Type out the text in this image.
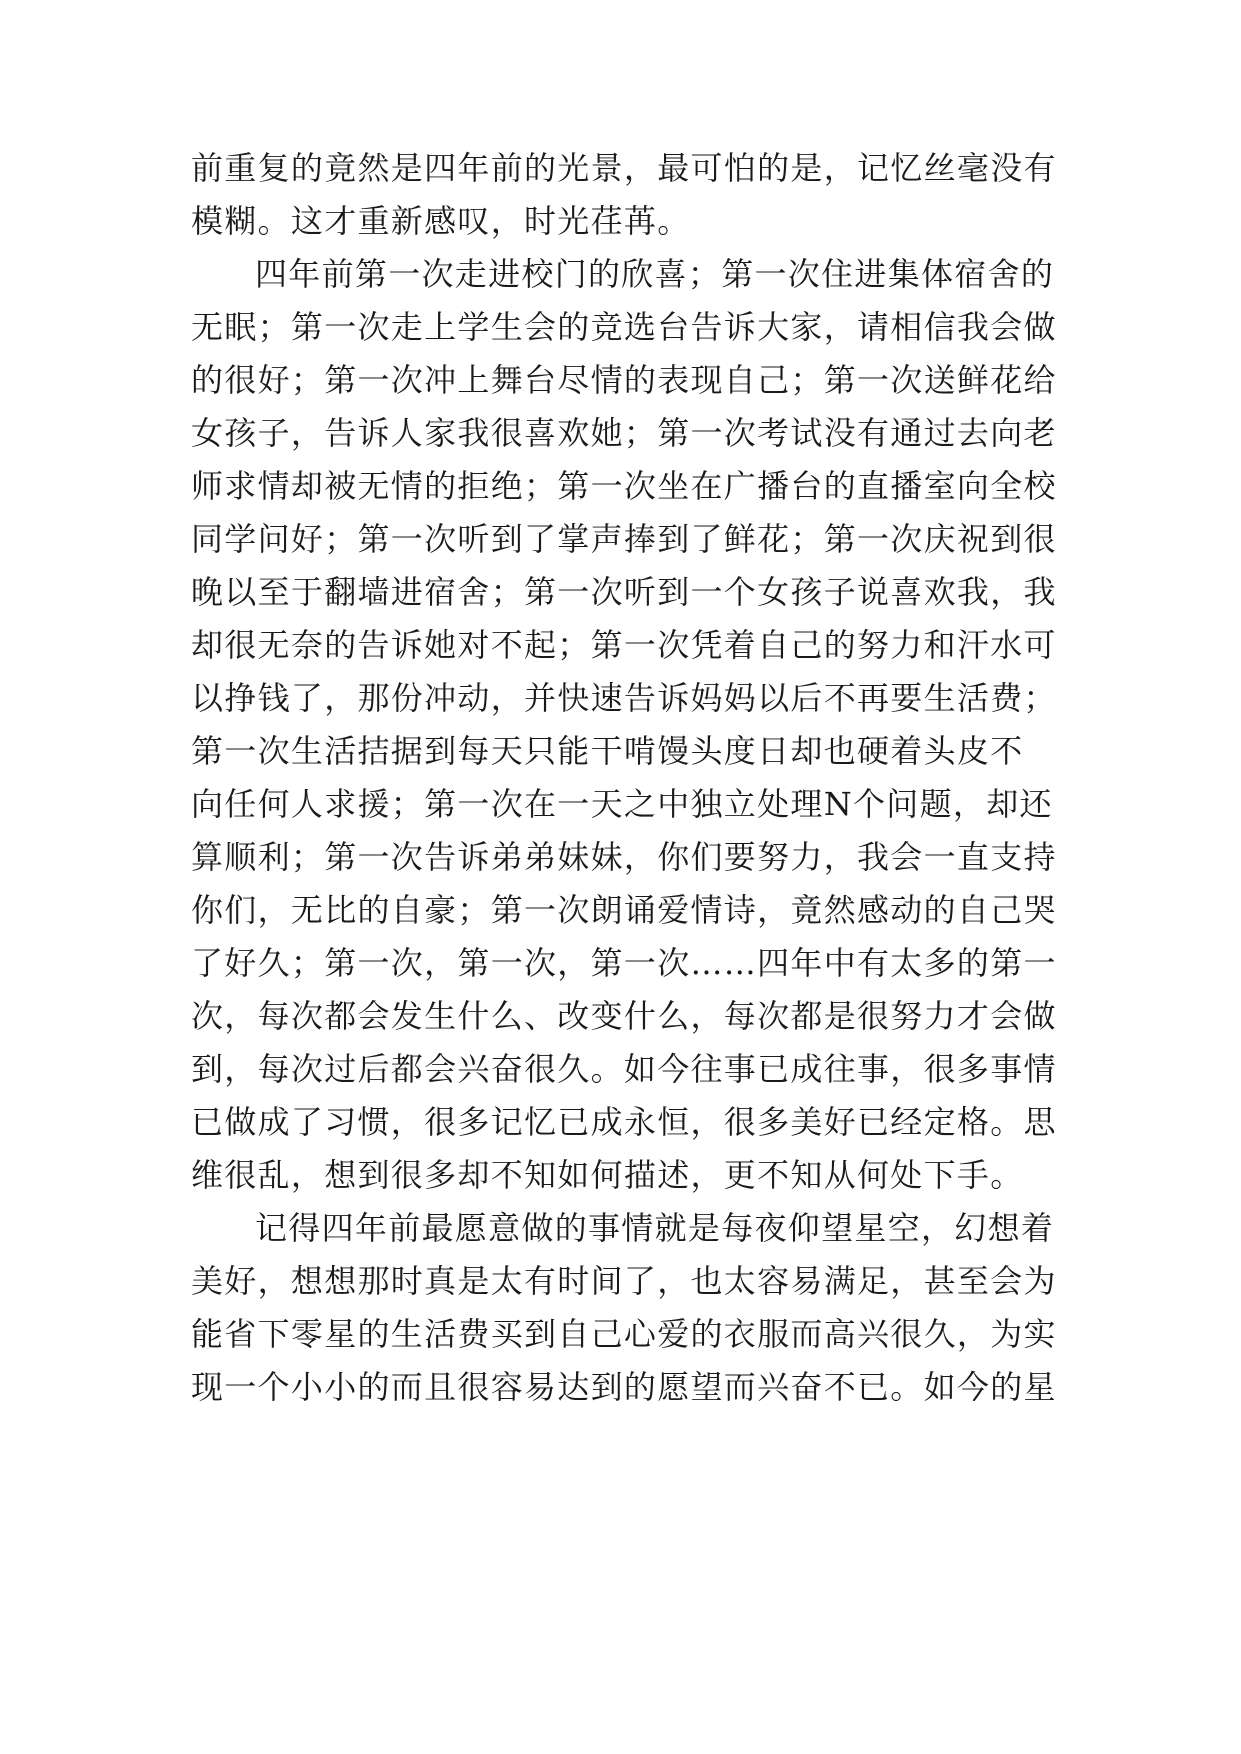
前重复的竟然是四年前的光景，最可怕的是，记忆丝毫没有
模糊。这才重新感叹，时光荏苒。
四年前第一次走进校门的欣喜；第一次住进集体宿舍的
无眠；第一次走上学生会的竞选台告诉大家，请相信我会做
的很好；第一次冲上舞台尽情的表现自己；第一次送鲜花给
女孩子，告诉人家我很喜欢她；第一次考试没有通过去向老
师求情却被无情的拒绝；第一次坐在广播台的直播室向全校
同学问好；第一次听到了掌声捧到了鲜花；第一次庆祝到很
晚以至于翻墙进宿舍；第一次听到一个女孩子说喜欢我，我
却很无奈的告诉她对不起；第一次凭着自己的努力和汗水可
以挣钱了，那份冲动，并快速告诉妈妈以后不再要生活费；
第一次生活拮据到每天只能干啃馒头度日却也硬着头皮不
向任何人求援；第一次在一天之中独立处理N个问题，却还
算顺利；第一次告诉弟弟妹妹，你们要努力，我会一直支持
你们，无比的自豪；第一次朗诵爱情诗，竟然感动的自己哭
了好久；第一次，第一次，第一次……四年中有太多的第一
次，每次都会发生什么、改变什么，每次都是很努力才会做
到，每次过后都会兴奋很久。如今往事已成往事，很多事情
已做成了习惯，很多记忆已成永恒，很多美好已经定格。思
维很乱，想到很多却不知如何描述，更不知从何处下手。
记得四年前最愿意做的事情就是每夜仰望星空，幻想着
美好，想想那时真是太有时间了，也太容易满足，甚至会为
能省下零星的生活费买到自己心爱的衣服而高兴很久，为实
现一个小小的而且很容易达到的愿望而兴奋不已。如今的星
